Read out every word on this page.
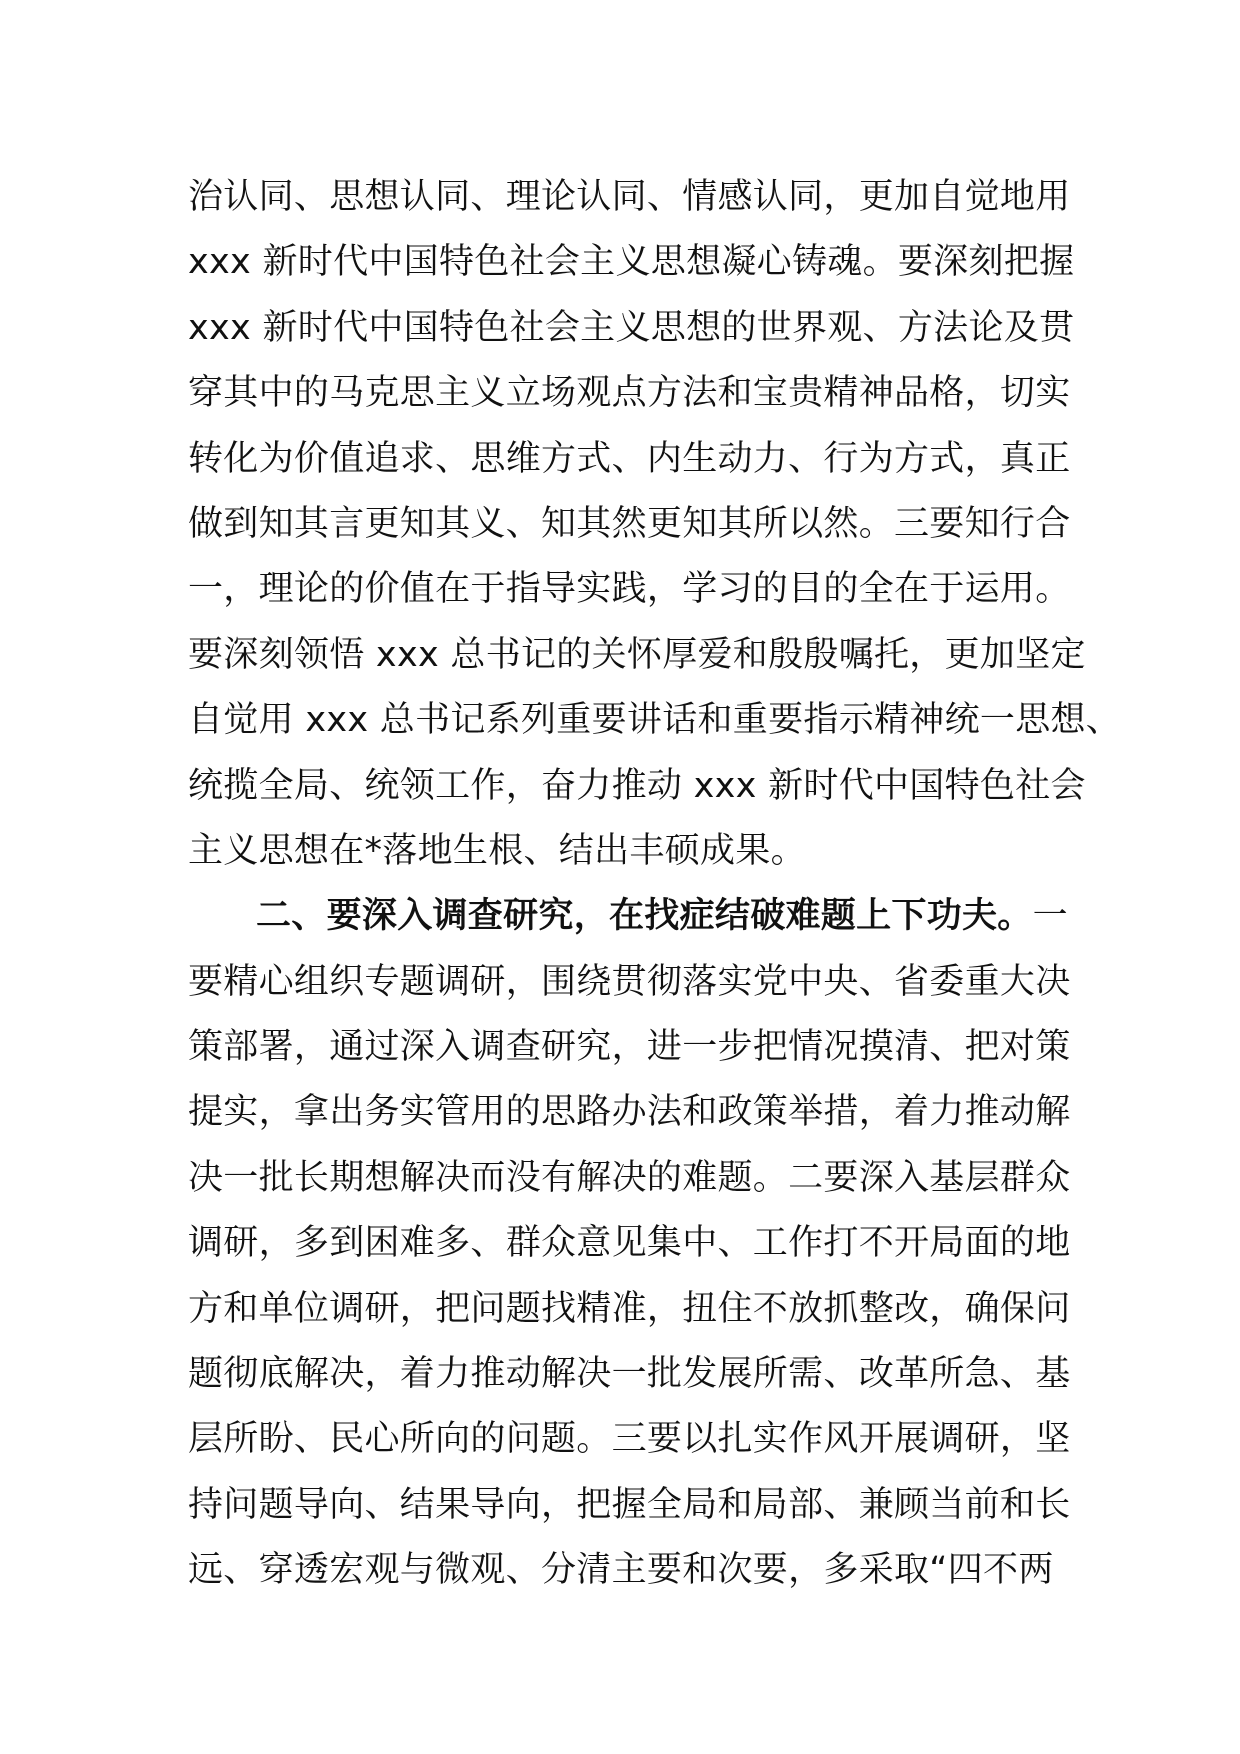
治认同、思想认同、理论认同、情感认同，更加自觉地用
xxx 新时代中国特色社会主义思想凝心铸魂。要深刻把握
xxx 新时代中国特色社会主义思想的世界观、方法论及贯
穿其中的马克思主义立场观点方法和宝贵精神品格，切实
转化为价值追求、思维方式、内生动力、行为方式，真正
做到知其言更知其义、知其然更知其所以然。三要知行合
一，理论的价值在于指导实践，学习的目的全在于运用。
要深刻领悟 xxx 总书记的关怀厚爱和殷殷嘱托，更加坚定
自觉用 xxx 总书记系列重要讲话和重要指示精神统一思想、
统揽全局、统领工作，奋力推动 xxx 新时代中国特色社会
主义思想在*落地生根、结出丰硕成果。
二、要深入调查研究，在找症结破难题上下功夫。一
要精心组织专题调研，围绕贯彻落实党中央、省委重大决
策部署，通过深入调查研究，进一步把情况摸清、把对策
提实，拿出务实管用的思路办法和政策举措，着力推动解
决一批长期想解决而没有解决的难题。二要深入基层群众
调研，多到困难多、群众意见集中、工作打不开局面的地
方和单位调研，把问题找精准，扭住不放抓整改，确保问
题彻底解决，着力推动解决一批发展所需、改革所急、基
层所盼、民心所向的问题。三要以扎实作风开展调研，坚
持问题导向、结果导向，把握全局和局部、兼顾当前和长
远、穿透宏观与微观、分清主要和次要，多采取“四不两
